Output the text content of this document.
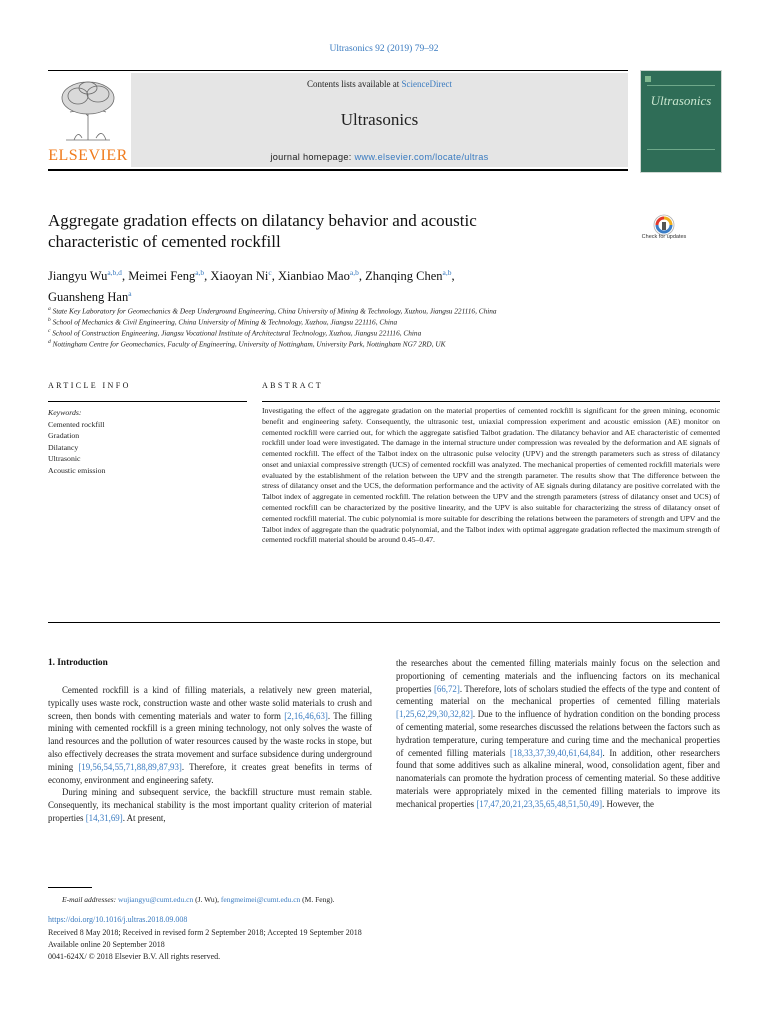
Ultrasonics 92 (2019) 79–92
ELSEVIER
Contents lists available at ScienceDirect
Ultrasonics
journal homepage: www.elsevier.com/locate/ultras
Ultrasonics
Aggregate gradation effects on dilatancy behavior and acoustic
characteristic of cemented rockfill	Check for updates
Jiangyu Wu$^{a,b,d}$, Meimei Feng$^{a,b}$, Xiaoyan Ni$^c$, Xianbiao Mao$^{a,b}$, Zhanqing Chen$^{a,b}$,
Guansheng Han$^a$
$^a$ State Key Laboratory for Geomechanics & Deep Underground Engineering, China University of Mining & Technology, Xuzhou, Jiangsu 221116, China
$^b$ School of Mechanics & Civil Engineering, China University of Mining & Technology, Xuzhou, Jiangsu 221116, China
$^c$ School of Construction Engineering, Jiangsu Vocational Institute of Architectural Technology, Xuzhou, Jiangsu 221116, China
$^d$ Nottingham Centre for Geomechanics, Faculty of Engineering, University of Nottingham, University Park, Nottingham NG7 2RD, UK
ARTICLE INFO	ABSTRACT
Keywords:
Cemented rockfill
Gradation
Dilatancy
Ultrasonic
Acoustic emission
Investigating the effect of the aggregate gradation on the material properties of cemented rockfill is significant for the green mining, economic benefit and engineering safety. Consequently, the ultrasonic test, uniaxial compression experiment and acoustic emission (AE) monitor on cemented rockfill were carried out, for which the aggregate satisfied Talbot gradation. The dilatancy behavior and AE characteristic of cemented rockfill under load were investigated. The damage in the internal structure under compression was revealed by the deformation and AE signals of cemented rockfill. The effect of the Talbot index on the ultrasonic pulse velocity (UPV) and the strength parameters such as stress of dilatancy onset and uniaxial compressive strength (UCS) of cemented rockfill was analyzed. The mechanical properties of cemented rockfill materials were evaluated by the establishment of the relation between the UPV and the strength parameter. The results show that The difference between the stress of dilatancy onset and the UCS, the deformation performance and the activity of AE signals during dilatancy are positive correlated with the Talbot index of aggregate in cemented rockfill. The relation between the UPV and the strength parameters (stress of dilatancy onset and UCS) of cemented rockfill can be characterized by the positive linearity, and the UPV is also suitable for characterizing the stress of dilatancy onset of cemented rockfill material. The cubic polynomial is more suitable for describing the relations between the parameters of strength and UPV and the Talbot index of aggregate than the quadratic polynomial, and the Talbot index with optimal aggregate gradation reflected the maximum strength of cemented rockfill material should be around 0.45–0.47.
1. Introduction

Cemented rockfill is a kind of filling materials, a relatively new green material, typically uses waste rock, construction waste and other waste solid materials to crush and screen, then bonds with cementing materials and water to form [2,16,46,63]. The filling mining with cemented rockfill is a green mining technology, not only solves the waste of land resources and the pollution of water resources caused by the waste rocks in stope, but also effectively decreases the strata movement and surface subsidence during underground mining [19,56,54,55,71,88,89,87,93]. Therefore, it creates great benefits in terms of economy, environment and engineering safety.

During mining and subsequent service, the backfill structure must remain stable. Consequently, its mechanical stability is the most important quality criterion of material properties [14,31,69]. At present,

the researches about the cemented filling materials mainly focus on the selection and proportioning of cementing materials and the influencing factors on its mechanical properties [66,72]. Therefore, lots of scholars studied the effects of the type and content of cementing material on the mechanical properties of cemented filling materials [1,25,62,29,30,32,82]. Due to the influence of hydration condition on the bonding process of cementing material, some researches discussed the relations between the factors such as hydration temperature, curing temperature and curing time and the mechanical properties of cemented filling materials [18,33,37,39,40,61,64,84]. In addition, other researchers found that some additives such as alkaline mineral, wood, consolidation agent, fiber and nanomaterials can promote the hydration process of cementing material. So these additive materials were appropriately mixed in the cemented filling materials to improve its mechanical properties [17,47,20,21,23,35,65,48,51,50,49]. However, the

E-mail addresses: wujiangyu@cumt.edu.cn (J. Wu), fengmeimei@cumt.edu.cn (M. Feng).
https://doi.org/10.1016/j.ultras.2018.09.008
Received 8 May 2018; Received in revised form 2 September 2018; Accepted 19 September 2018
Available online 20 September 2018
0041-624X/ © 2018 Elsevier B.V. All rights reserved.
